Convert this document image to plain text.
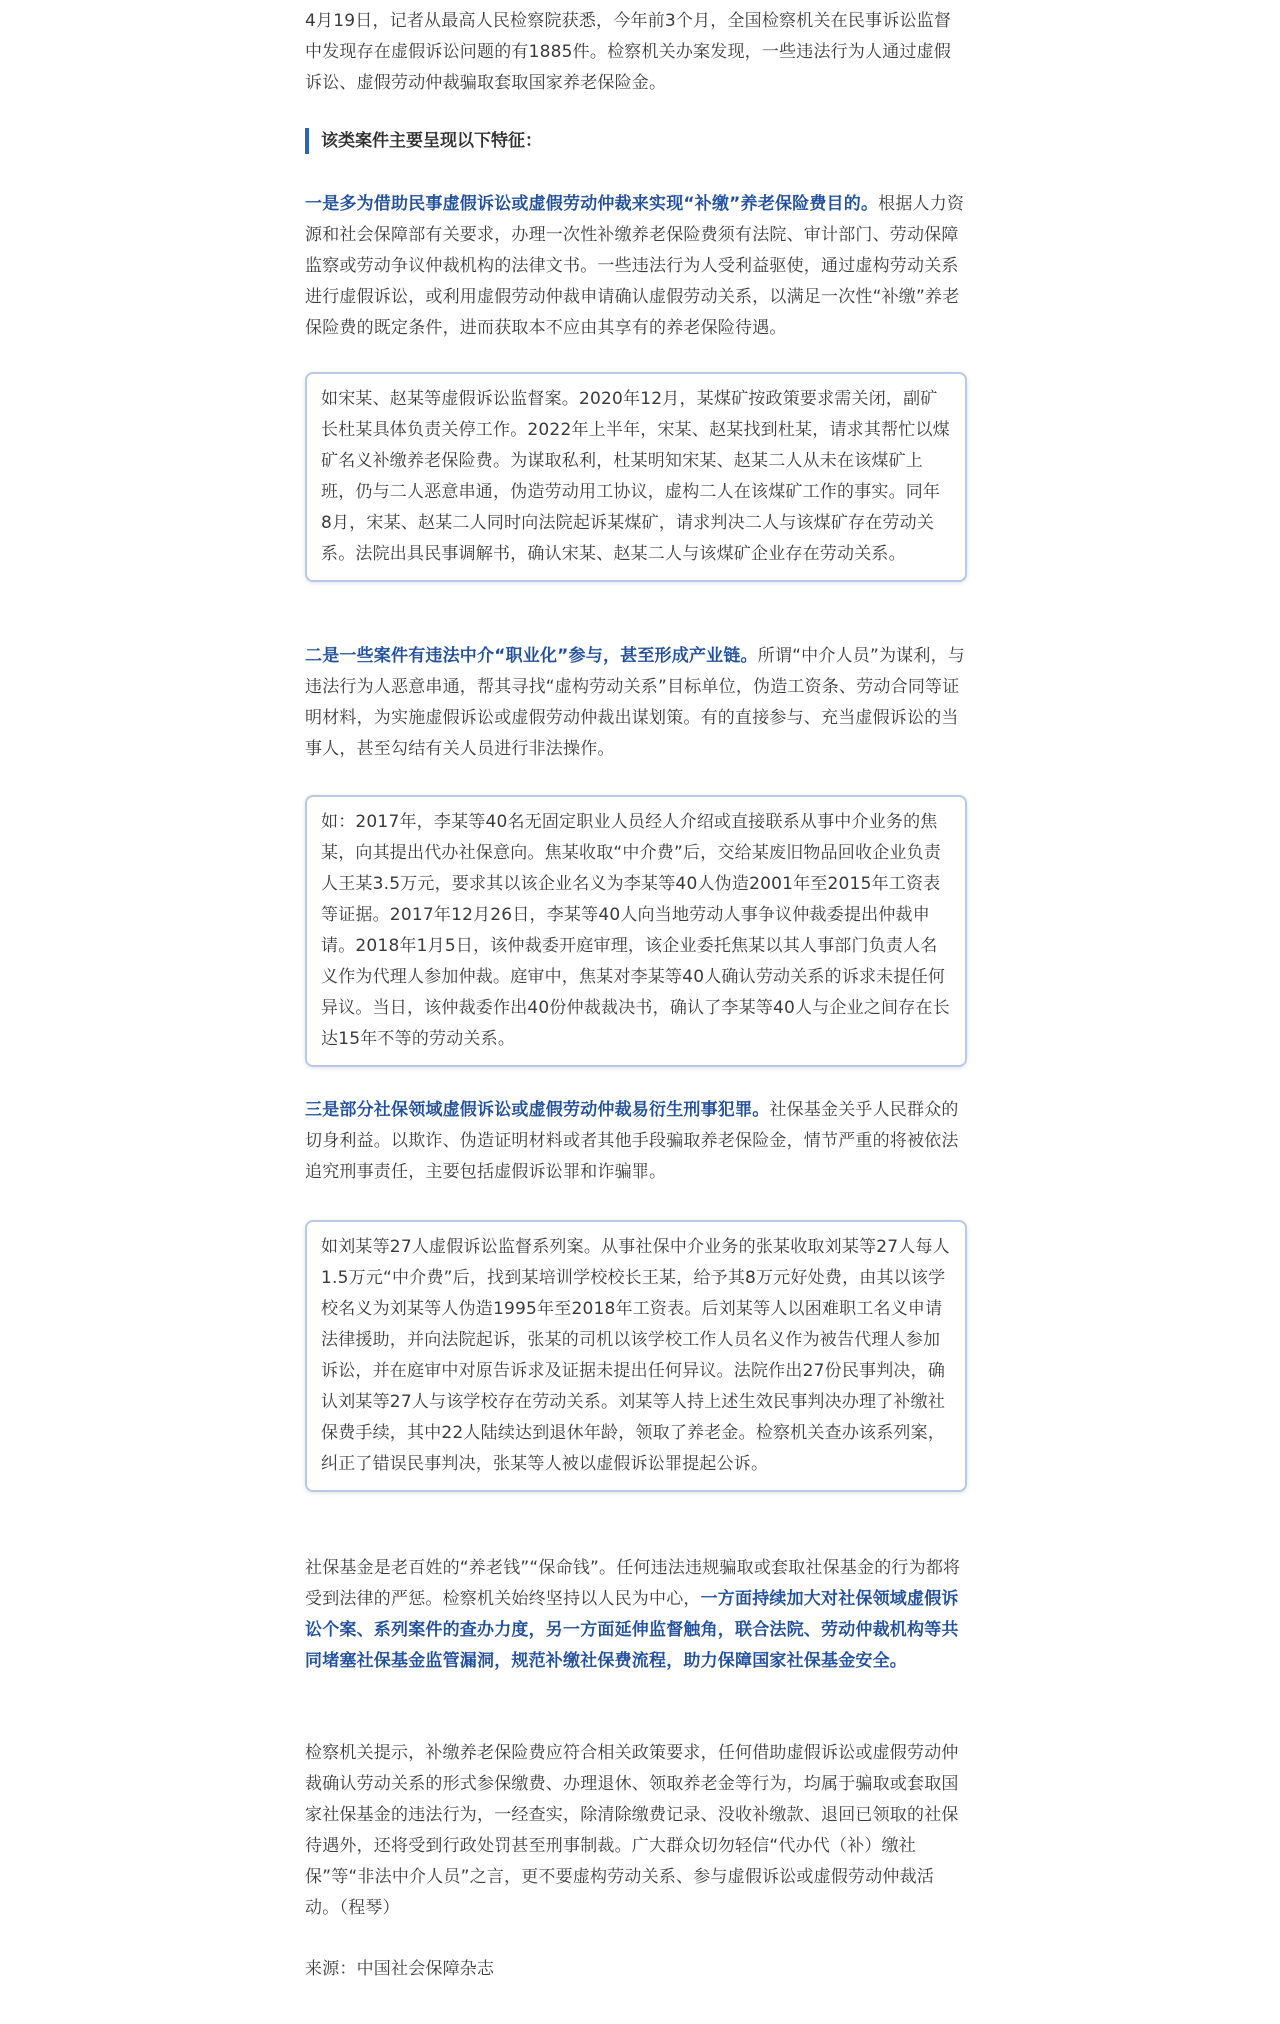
4月19日，记者从最高人民检察院获悉，今年前3个月，全国检察机关在民事诉讼监督中发现存在虚假诉讼问题的有1885件。检察机关办案发现，一些违法行为人通过虚假诉讼、虚假劳动仲裁骗取套取国家养老保险金。

该类案件主要呈现以下特征：

一是多为借助民事虚假诉讼或虚假劳动仲裁来实现“补缴”养老保险费目的。根据人力资源和社会保障部有关要求，办理一次性补缴养老保险费须有法院、审计部门、劳动保障监察或劳动争议仲裁机构的法律文书。一些违法行为人受利益驱使，通过虚构劳动关系进行虚假诉讼，或利用虚假劳动仲裁申请确认虚假劳动关系，以满足一次性“补缴”养老保险费的既定条件，进而获取本不应由其享有的养老保险待遇。

如宋某、赵某等虚假诉讼监督案。2020年12月，某煤矿按政策要求需关闭，副矿长杜某具体负责关停工作。2022年上半年，宋某、赵某找到杜某，请求其帮忙以煤矿名义补缴养老保险费。为谋取私利，杜某明知宋某、赵某二人从未在该煤矿上班，仍与二人恶意串通，伪造劳动用工协议，虚构二人在该煤矿工作的事实。同年8月，宋某、赵某二人同时向法院起诉某煤矿，请求判决二人与该煤矿存在劳动关系。法院出具民事调解书，确认宋某、赵某二人与该煤矿企业存在劳动关系。

二是一些案件有违法中介“职业化”参与，甚至形成产业链。所谓“中介人员”为谋利，与违法行为人恶意串通，帮其寻找“虚构劳动关系”目标单位，伪造工资条、劳动合同等证明材料，为实施虚假诉讼或虚假劳动仲裁出谋划策。有的直接参与、充当虚假诉讼的当事人，甚至勾结有关人员进行非法操作。

如：2017年，李某等40名无固定职业人员经人介绍或直接联系从事中介业务的焦某，向其提出代办社保意向。焦某收取“中介费”后，交给某废旧物品回收企业负责人王某3.5万元，要求其以该企业名义为李某等40人伪造2001年至2015年工资表等证据。2017年12月26日，李某等40人向当地劳动人事争议仲裁委提出仲裁申请。2018年1月5日，该仲裁委开庭审理，该企业委托焦某以其人事部门负责人名义作为代理人参加仲裁。庭审中，焦某对李某等40人确认劳动关系的诉求未提任何异议。当日，该仲裁委作出40份仲裁裁决书，确认了李某等40人与企业之间存在长达15年不等的劳动关系。

三是部分社保领域虚假诉讼或虚假劳动仲裁易衍生刑事犯罪。社保基金关乎人民群众的切身利益。以欺诈、伪造证明材料或者其他手段骗取养老保险金，情节严重的将被依法追究刑事责任，主要包括虚假诉讼罪和诈骗罪。

如刘某等27人虚假诉讼监督系列案。从事社保中介业务的张某收取刘某等27人每人1.5万元“中介费”后，找到某培训学校校长王某，给予其8万元好处费，由其以该学校名义为刘某等人伪造1995年至2018年工资表。后刘某等人以困难职工名义申请法律援助，并向法院起诉，张某的司机以该学校工作人员名义作为被告代理人参加诉讼，并在庭审中对原告诉求及证据未提出任何异议。法院作出27份民事判决，确认刘某等27人与该学校存在劳动关系。刘某等人持上述生效民事判决办理了补缴社保费手续，其中22人陆续达到退休年龄，领取了养老金。检察机关查办该系列案，纠正了错误民事判决，张某等人被以虚假诉讼罪提起公诉。

社保基金是老百姓的“养老钱”“保命钱”。任何违法违规骗取或套取社保基金的行为都将受到法律的严惩。检察机关始终坚持以人民为中心，一方面持续加大对社保领域虚假诉讼个案、系列案件的查办力度，另一方面延伸监督触角，联合法院、劳动仲裁机构等共同堵塞社保基金监管漏洞，规范补缴社保费流程，助力保障国家社保基金安全。

检察机关提示，补缴养老保险费应符合相关政策要求，任何借助虚假诉讼或虚假劳动仲裁确认劳动关系的形式参保缴费、办理退休、领取养老金等行为，均属于骗取或套取国家社保基金的违法行为，一经查实，除清除缴费记录、没收补缴款、退回已领取的社保待遇外，还将受到行政处罚甚至刑事制裁。广大群众切勿轻信“代办代（补）缴社保”等“非法中介人员”之言，更不要虚构劳动关系、参与虚假诉讼或虚假劳动仲裁活动。（程琴）

来源：中国社会保障杂志
